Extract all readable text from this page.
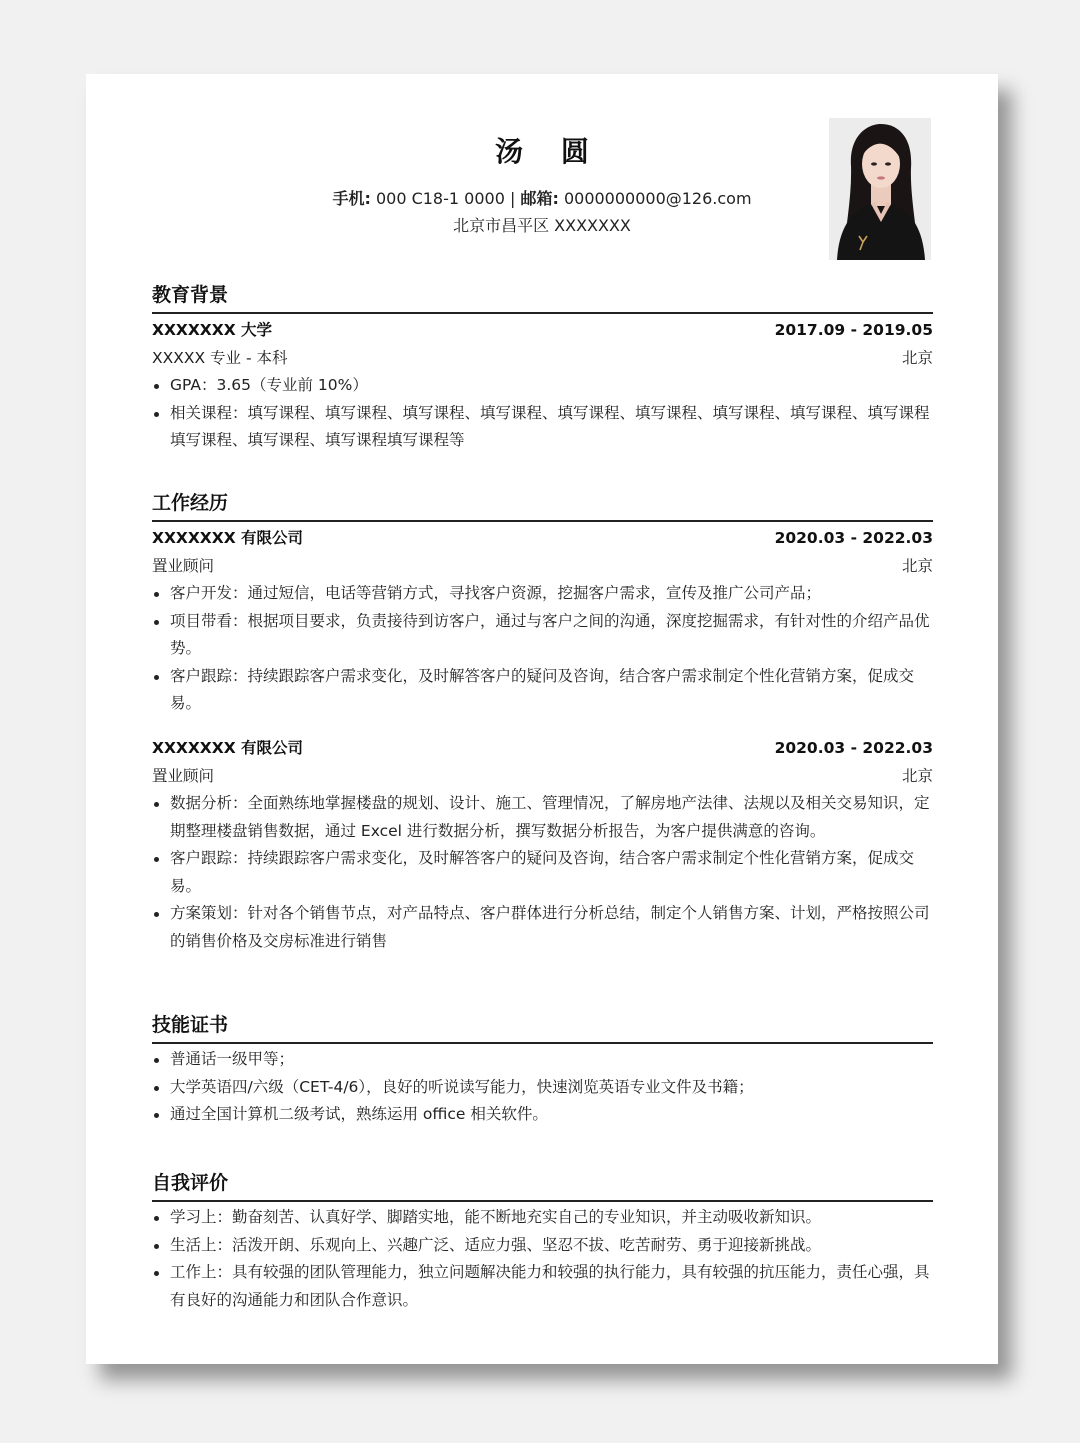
汤 圆
手机: 000 C18-1 0000 | 邮箱: 0000000000@126.com
北京市昌平区 XXXXXXX
教育背景
XXXXXXX 大学	2017.09 - 2019.05
XXXXX 专业 - 本科	北京
GPA：3.65（专业前 10%）
相关课程：填写课程、填写课程、填写课程、填写课程、填写课程、填写课程、填写课程、填写课程、填写课程填写课程、填写课程、填写课程填写课程等
工作经历
XXXXXXX 有限公司	2020.03 - 2022.03
置业顾问	北京
客户开发：通过短信，电话等营销方式，寻找客户资源，挖掘客户需求，宣传及推广公司产品；
项目带看：根据项目要求，负责接待到访客户，通过与客户之间的沟通，深度挖掘需求，有针对性的介绍产品优势。
客户跟踪：持续跟踪客户需求变化，及时解答客户的疑问及咨询，结合客户需求制定个性化营销方案，促成交易。
XXXXXXX 有限公司	2020.03 - 2022.03
置业顾问	北京
数据分析：全面熟练地掌握楼盘的规划、设计、施工、管理情况，了解房地产法律、法规以及相关交易知识，定期整理楼盘销售数据，通过 Excel 进行数据分析，撰写数据分析报告，为客户提供满意的咨询。
客户跟踪：持续跟踪客户需求变化，及时解答客户的疑问及咨询，结合客户需求制定个性化营销方案，促成交易。
方案策划：针对各个销售节点，对产品特点、客户群体进行分析总结，制定个人销售方案、计划，严格按照公司的销售价格及交房标准进行销售
技能证书
普通话一级甲等；
大学英语四/六级（CET-4/6），良好的听说读写能力，快速浏览英语专业文件及书籍；
通过全国计算机二级考试，熟练运用 office 相关软件。
自我评价
学习上：勤奋刻苦、认真好学、脚踏实地，能不断地充实自己的专业知识，并主动吸收新知识。
生活上：活泼开朗、乐观向上、兴趣广泛、适应力强、坚忍不拔、吃苦耐劳、勇于迎接新挑战。
工作上：具有较强的团队管理能力，独立问题解决能力和较强的执行能力，具有较强的抗压能力，责任心强，具有良好的沟通能力和团队合作意识。
